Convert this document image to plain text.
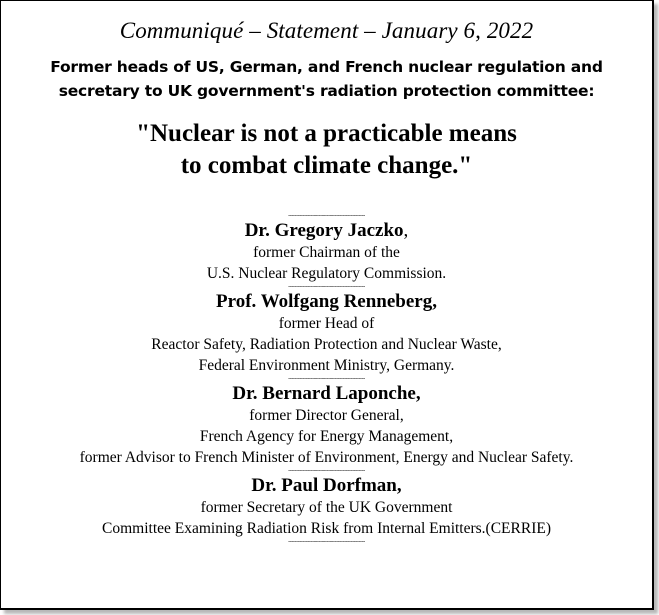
Communiqué – Statement – January 6, 2022
Former heads of US, German, and French nuclear regulation and
secretary to UK government's radiation protection committee:
"Nuclear is not a practicable means
to combat climate change."
------------------------------------------------
Dr. Gregory Jaczko,
former Chairman of the
U.S. Nuclear Regulatory Commission.
------------------------------------------------
Prof. Wolfgang Renneberg,
former Head of
Reactor Safety, Radiation Protection and Nuclear Waste,
Federal Environment Ministry, Germany.
------------------------------------------------
Dr. Bernard Laponche,
former Director General,
French Agency for Energy Management,
former Advisor to French Minister of Environment, Energy and Nuclear Safety.
------------------------------------------------
Dr. Paul Dorfman,
former Secretary of the UK Government
Committee Examining Radiation Risk from Internal Emitters.(CERRIE)
------------------------------------------------
